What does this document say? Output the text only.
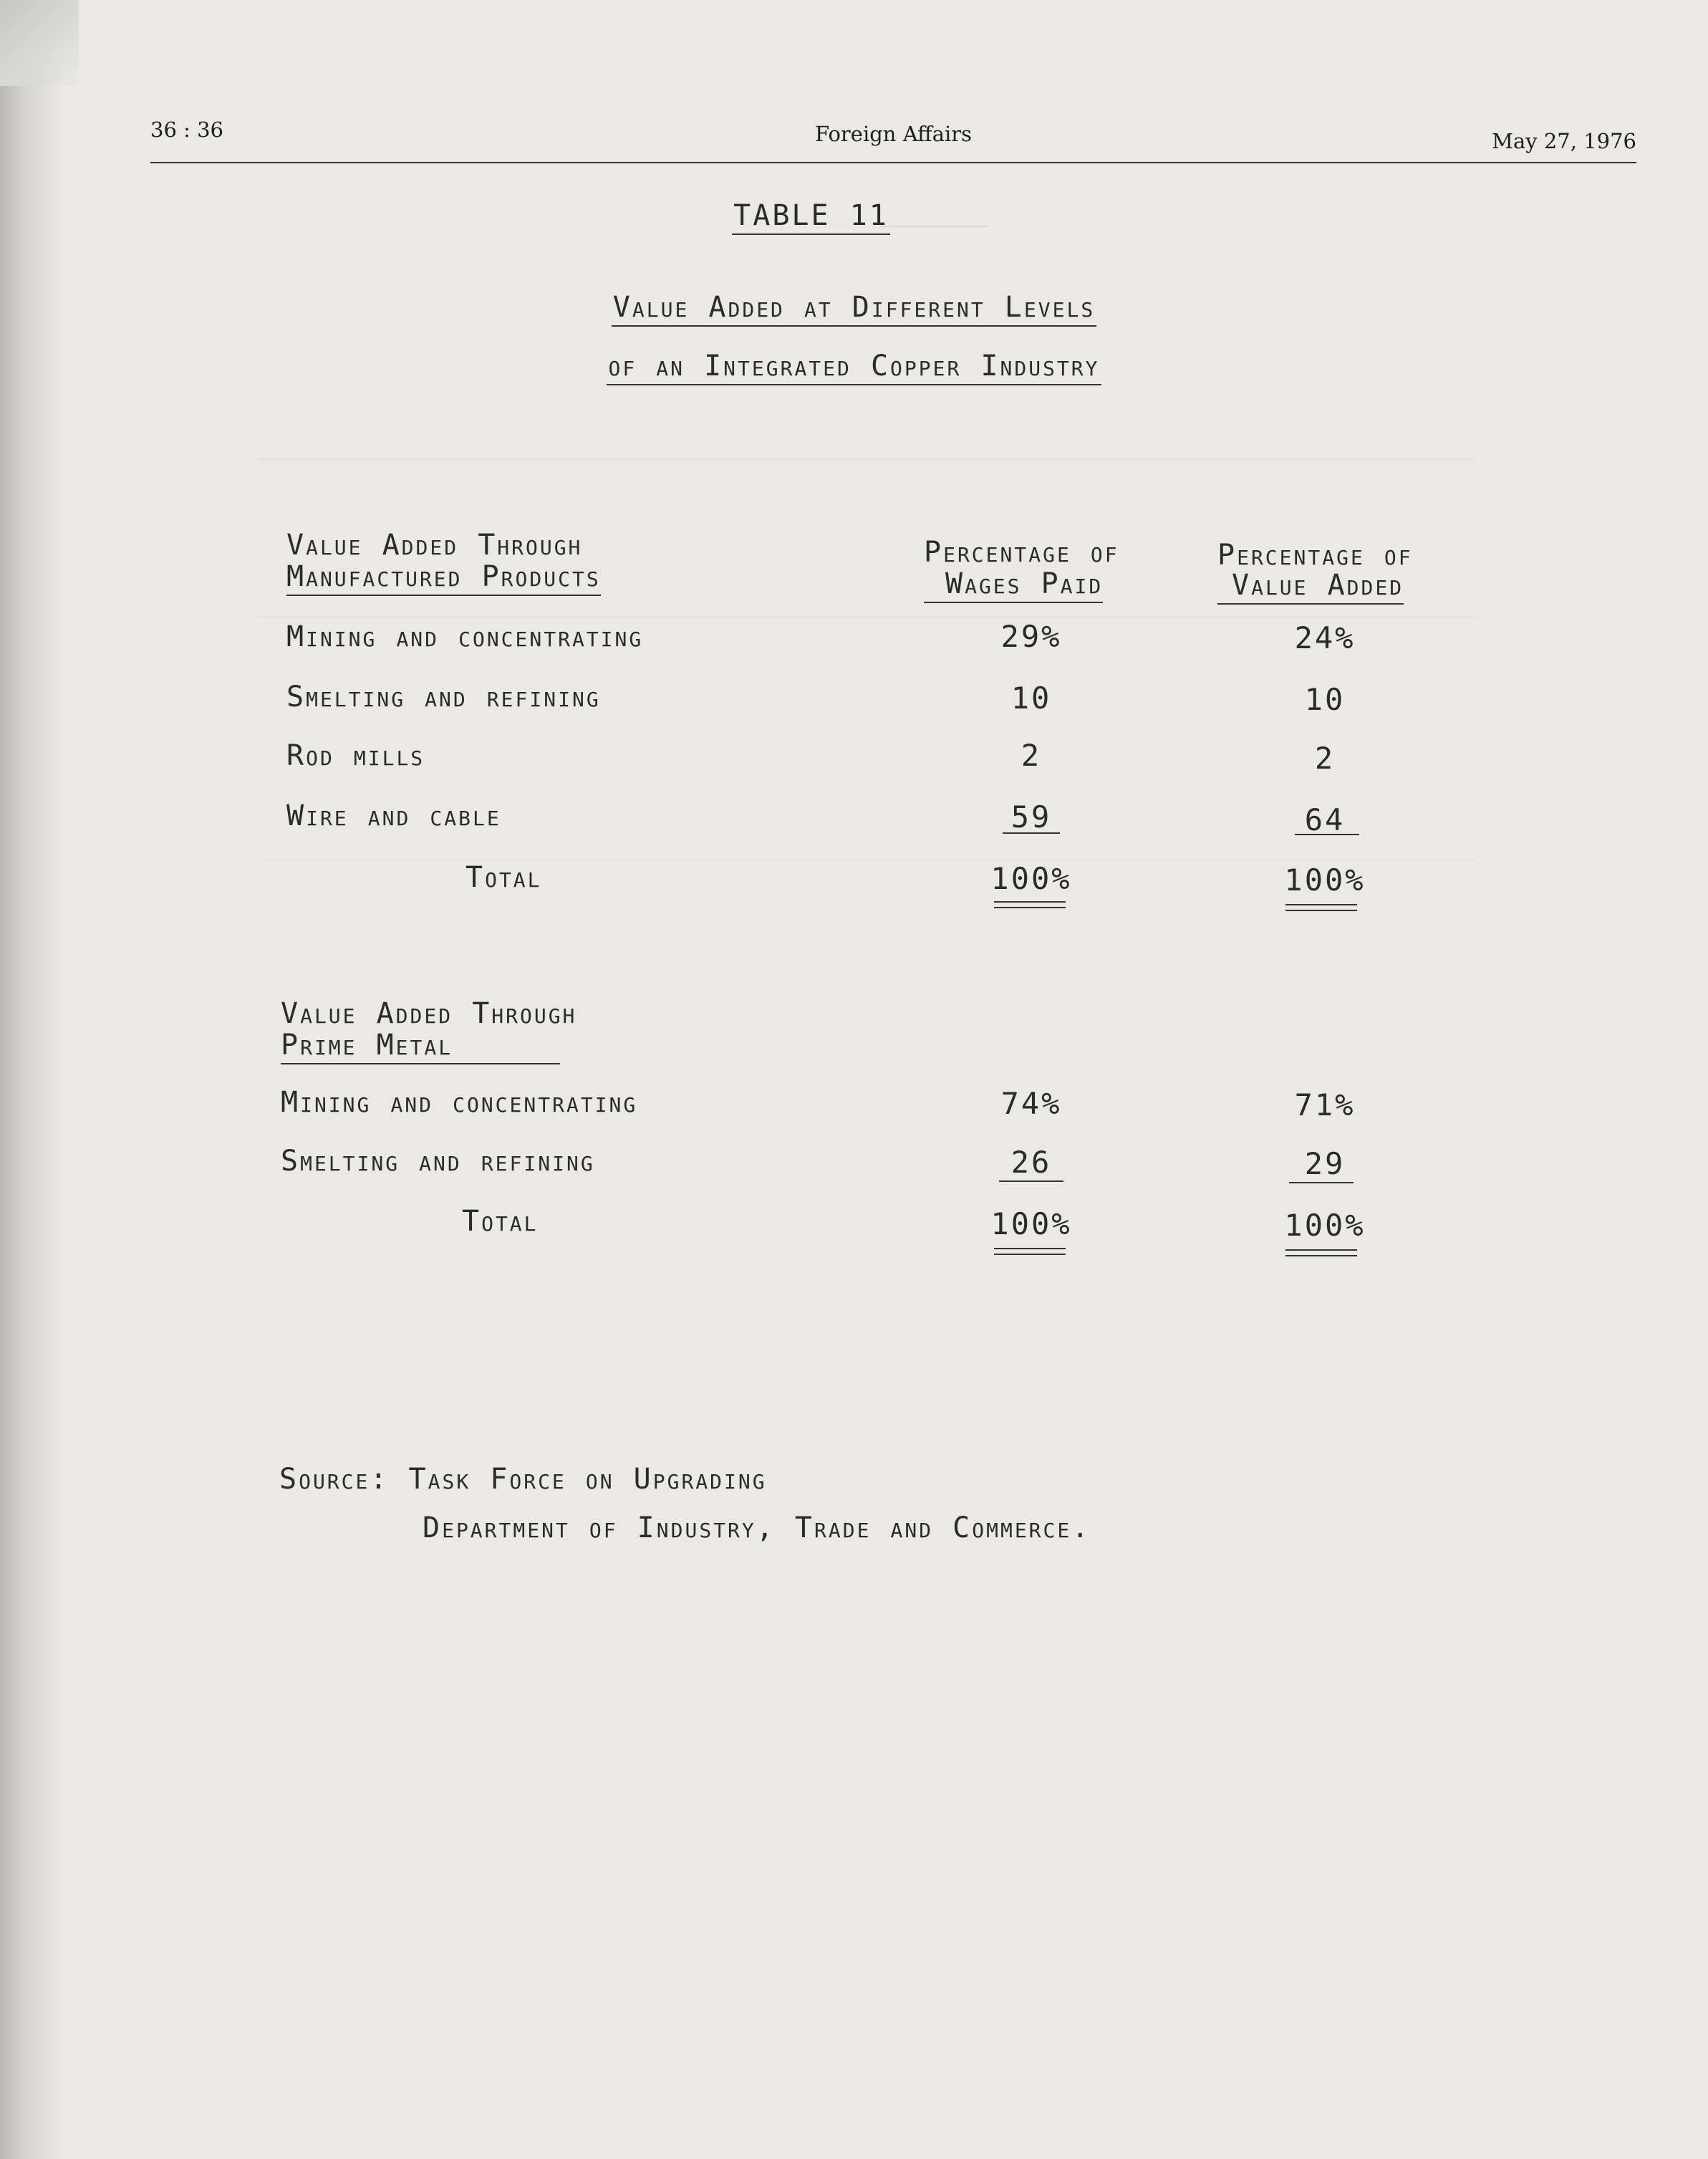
36 : 36	Foreign Affairs	May 27, 1976
TABLE 11
Value Added at Different Levels
of an Integrated Copper Industry
Value Added Through
Manufactured Products
Percentage of
Wages Paid
Percentage of
Value Added
Mining and concentrating	29%	24%
Smelting and refining	10	10
Rod mills	2	2
Wire and cable	59	64
Total	100%	100%
Value Added Through
Prime Metal
Mining and concentrating	74%	71%
Smelting and refining	26	29
Total	100%	100%
Source: Task Force on Upgrading
Department of Industry, Trade and Commerce.
